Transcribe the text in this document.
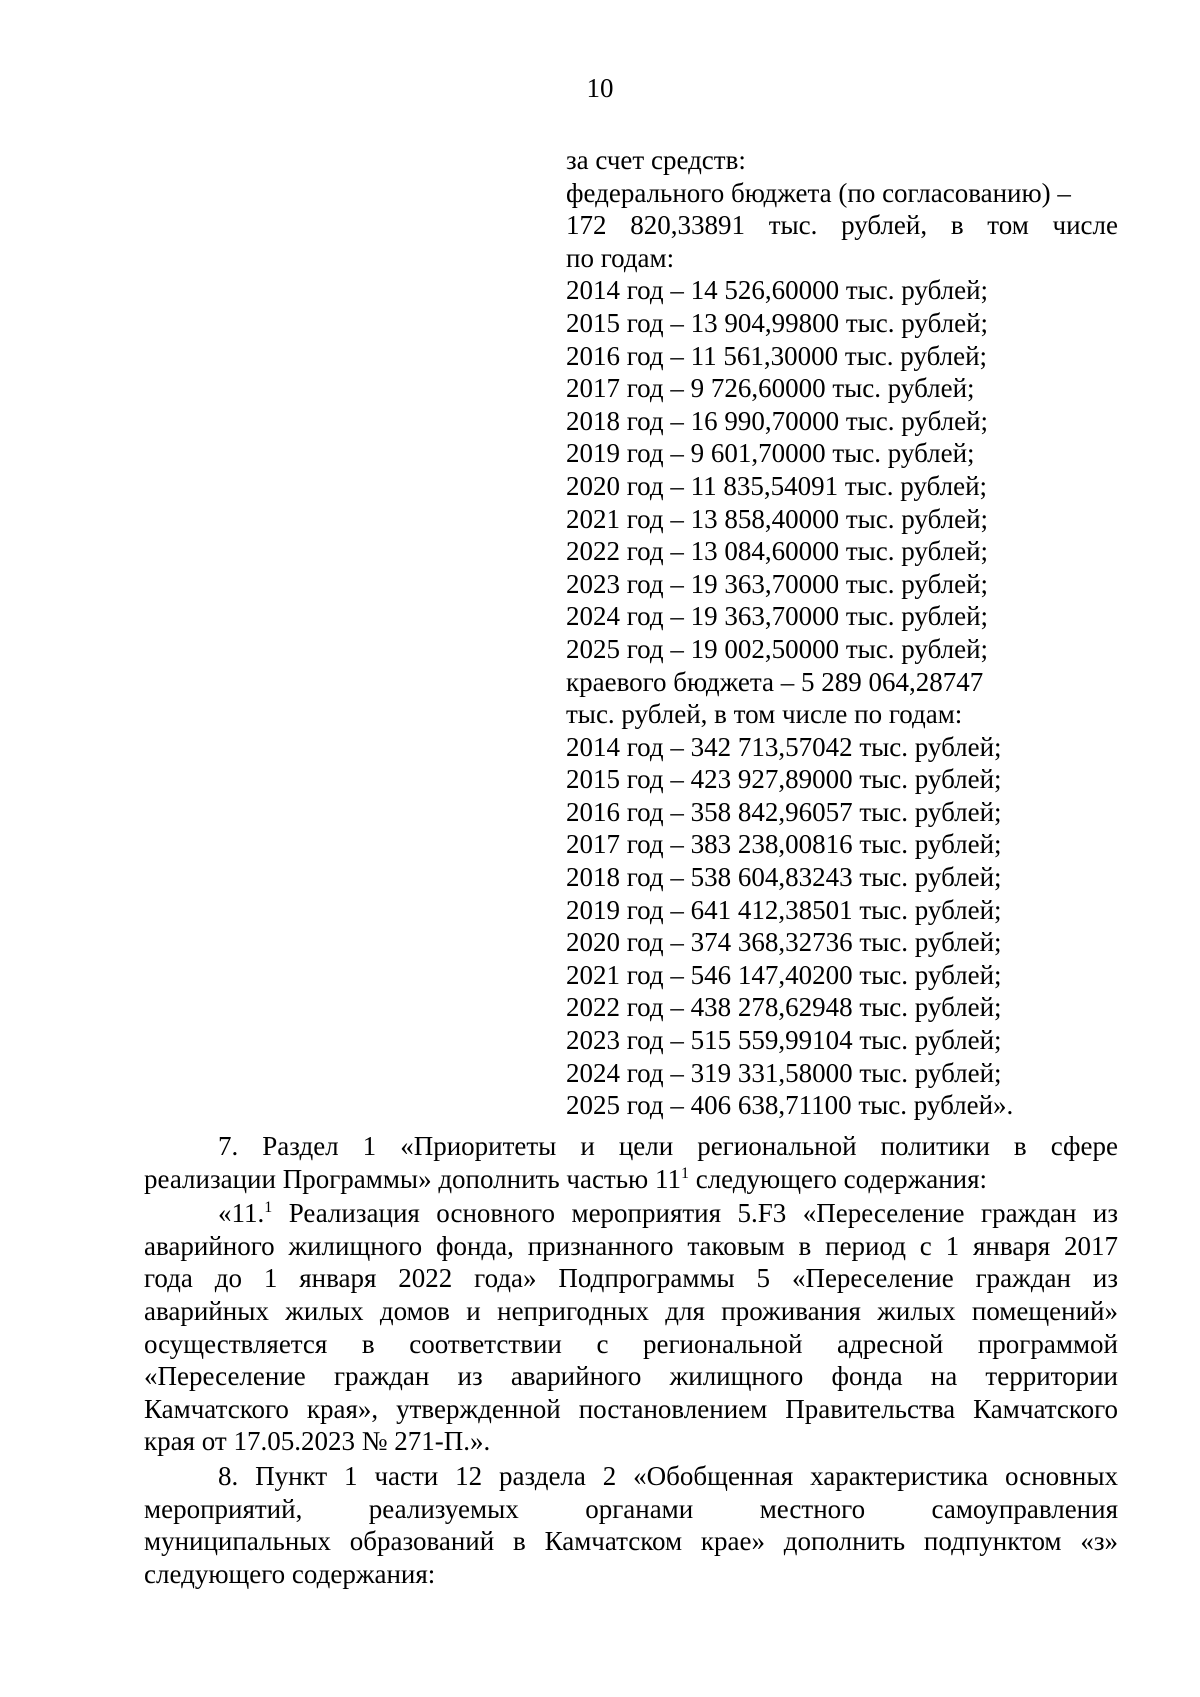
10
за счет средств:
федерального бюджета (по согласованию) –
172 820,33891 тыс. рублей, в том числе
по годам:
2014 год – 14 526,60000 тыс. рублей;
2015 год – 13 904,99800 тыс. рублей;
2016 год – 11 561,30000 тыс. рублей;
2017 год – 9 726,60000 тыс. рублей;
2018 год – 16 990,70000 тыс. рублей;
2019 год – 9 601,70000 тыс. рублей;
2020 год – 11 835,54091 тыс. рублей;
2021 год – 13 858,40000 тыс. рублей;
2022 год – 13 084,60000 тыс. рублей;
2023 год – 19 363,70000 тыс. рублей;
2024 год – 19 363,70000 тыс. рублей;
2025 год – 19 002,50000 тыс. рублей;
краевого бюджета – 5 289 064,28747
тыс. рублей, в том числе по годам:
2014 год – 342 713,57042 тыс. рублей;
2015 год – 423 927,89000 тыс. рублей;
2016 год – 358 842,96057 тыс. рублей;
2017 год – 383 238,00816 тыс. рублей;
2018 год – 538 604,83243 тыс. рублей;
2019 год – 641 412,38501 тыс. рублей;
2020 год – 374 368,32736 тыс. рублей;
2021 год – 546 147,40200 тыс. рублей;
2022 год – 438 278,62948 тыс. рублей;
2023 год – 515 559,99104 тыс. рублей;
2024 год – 319 331,58000 тыс. рублей;
2025 год – 406 638,71100 тыс. рублей».
7. Раздел 1 «Приоритеты и цели региональной политики в сфере
реализации Программы» дополнить частью $11^1$ следующего содержания:
«11.$^1$ Реализация основного мероприятия 5.F3 «Переселение граждан из
аварийного жилищного фонда, признанного таковым в период с 1 января 2017
года до 1 января 2022 года» Подпрограммы 5 «Переселение граждан из
аварийных жилых домов и непригодных для проживания жилых помещений»
осуществляется в соответствии с региональной адресной программой
«Переселение граждан из аварийного жилищного фонда на территории
Камчатского края», утвержденной постановлением Правительства Камчатского
края от 17.05.2023 № 271-П.».
8. Пункт 1 части 12 раздела 2 «Обобщенная характеристика основных
мероприятий, реализуемых органами местного самоуправления
муниципальных образований в Камчатском крае» дополнить подпунктом «з»
следующего содержания:
